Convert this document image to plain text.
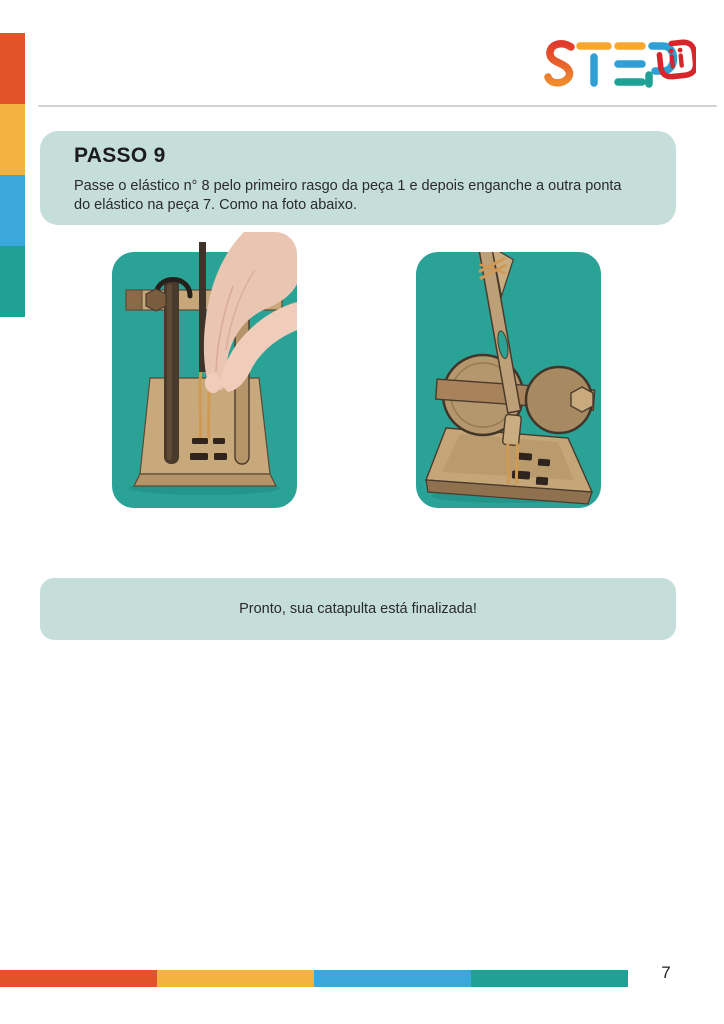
PASSO 9
Passe o elástico n° 8 pelo primeiro rasgo da peça 1 e depois enganche a outra ponta
do elástico na peça 7. Como na foto abaixo.
Pronto, sua catapulta está finalizada!
7
